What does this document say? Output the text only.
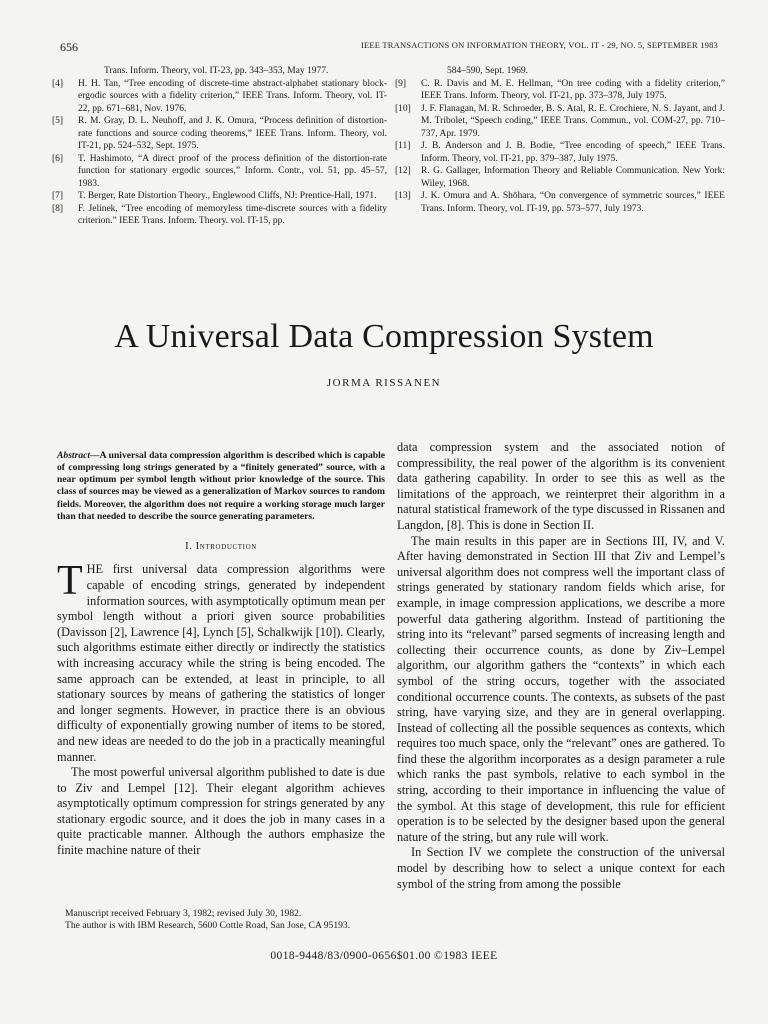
656	IEEE TRANSACTIONS ON INFORMATION THEORY, VOL. IT - 29, NO. 5, SEPTEMBER 1983
Trans. Inform. Theory, vol. IT-23, pp. 343–353, May 1977.
[4]	H. H. Tan, “Tree encoding of discrete-time abstract-alphabet stationary block-ergodic sources with a fidelity criterion,” IEEE Trans. Inform. Theory, vol. IT-22, pp. 671–681, Nov. 1976.
[5]	R. M. Gray, D. L. Neuhoff, and J. K. Omura, “Process definition of distortion-rate functions and source coding theorems,” IEEE Trans. Inform. Theory, vol. IT-21, pp. 524–532, Sept. 1975.
[6]	T. Hashimoto, “A direct proof of the process definition of the distortion-rate function for stationary ergodic sources,” Inform. Contr., vol. 51, pp. 45–57, 1983.
[7]	T. Berger, Rate Distortion Theory., Englewood Cliffs, NJ: Prentice-Hall, 1971.
[8]	F. Jelinek, “Tree encoding of memoryless time-discrete sources with a fidelity criterion.” IEEE Trans. Inform. Theory. vol. IT-15, pp.
584–590, Sept. 1969.
[9]	C. R. Davis and M. E. Hellman, “On tree coding with a fidelity criterion,” IEEE Trans. Inform. Theory, vol. IT-21, pp. 373–378, July 1975.
[10]	J. F. Flanagan, M. R. Schroeder, B. S. Atal, R. E. Crochiere, N. S. Jayant, and J. M. Tribolet, “Speech coding,” IEEE Trans. Commun., vol. COM-27, pp. 710–737, Apr. 1979.
[11]	J. B. Anderson and J. B. Bodie, “Tree encoding of speech,” IEEE Trans. Inform. Theory, vol. IT-21, pp. 379–387, July 1975.
[12]	R. G. Gallager, Information Theory and Reliable Communication. New York: Wiley, 1968.
[13]	J. K. Omura and A. Shōhara, “On convergence of symmetric sources,” IEEE Trans. Inform. Theory, vol. IT-19, pp. 573–577, July 1973.
A Universal Data Compression System
JORMA RISSANEN

Abstract—A universal data compression algorithm is described which is capable of compressing long strings generated by a “finitely generated” source, with a near optimum per symbol length without prior knowledge of the source. This class of sources may be viewed as a generalization of Markov sources to random fields. Moreover, the algorithm does not require a working storage much larger than that needed to describe the source generating parameters.

I. Introduction

THE first universal data compression algorithms were capable of encoding strings, generated by independent information sources, with asymptotically optimum mean per symbol length without a priori given source probabilities (Davisson [2], Lawrence [4], Lynch [5], Schalkwijk [10]). Clearly, such algorithms estimate either directly or indirectly the statistics with increasing accuracy while the string is being encoded. The same approach can be extended, at least in principle, to all stationary sources by means of gathering the statistics of longer and longer segments. However, in practice there is an obvious difficulty of exponentially growing number of items to be stored, and new ideas are needed to do the job in a practically meaningful manner.

The most powerful universal algorithm published to date is due to Ziv and Lempel [12]. Their elegant algorithm achieves asymptotically optimum compression for strings generated by any stationary ergodic source, and it does the job in many cases in a quite practicable manner. Although the authors emphasize the finite machine nature of their

data compression system and the associated notion of compressibility, the real power of the algorithm is its convenient data gathering capability. In order to see this as well as the limitations of the approach, we reinterpret their algorithm in a natural statistical framework of the type discussed in Rissanen and Langdon, [8]. This is done in Section II.

The main results in this paper are in Sections III, IV, and V. After having demonstrated in Section III that Ziv and Lempel’s universal algorithm does not compress well the important class of strings generated by stationary random fields which arise, for example, in image compression applications, we describe a more powerful data gathering algorithm. Instead of partitioning the string into its “relevant” parsed segments of increasing length and collecting their occurrence counts, as done by Ziv–Lempel algorithm, our algorithm gathers the “contexts” in which each symbol of the string occurs, together with the associated conditional occurrence counts. The contexts, as subsets of the past string, have varying size, and they are in general overlapping. Instead of collecting all the possible sequences as contexts, which requires too much space, only the “relevant” ones are gathered. To find these the algorithm incorporates as a design parameter a rule which ranks the past symbols, relative to each symbol in the string, according to their importance in influencing the value of the symbol. At this stage of development, this rule for efficient operation is to be selected by the designer based upon the general nature of the string, but any rule will work.

In Section IV we complete the construction of the universal model by describing how to select a unique context for each symbol of the string from among the possible

Manuscript received February 3, 1982; revised July 30, 1982.

The author is with IBM Research, 5600 Cottle Road, San Jose, CA 95193.

0018-9448/83/0900-0656$01.00 ©1983 IEEE
